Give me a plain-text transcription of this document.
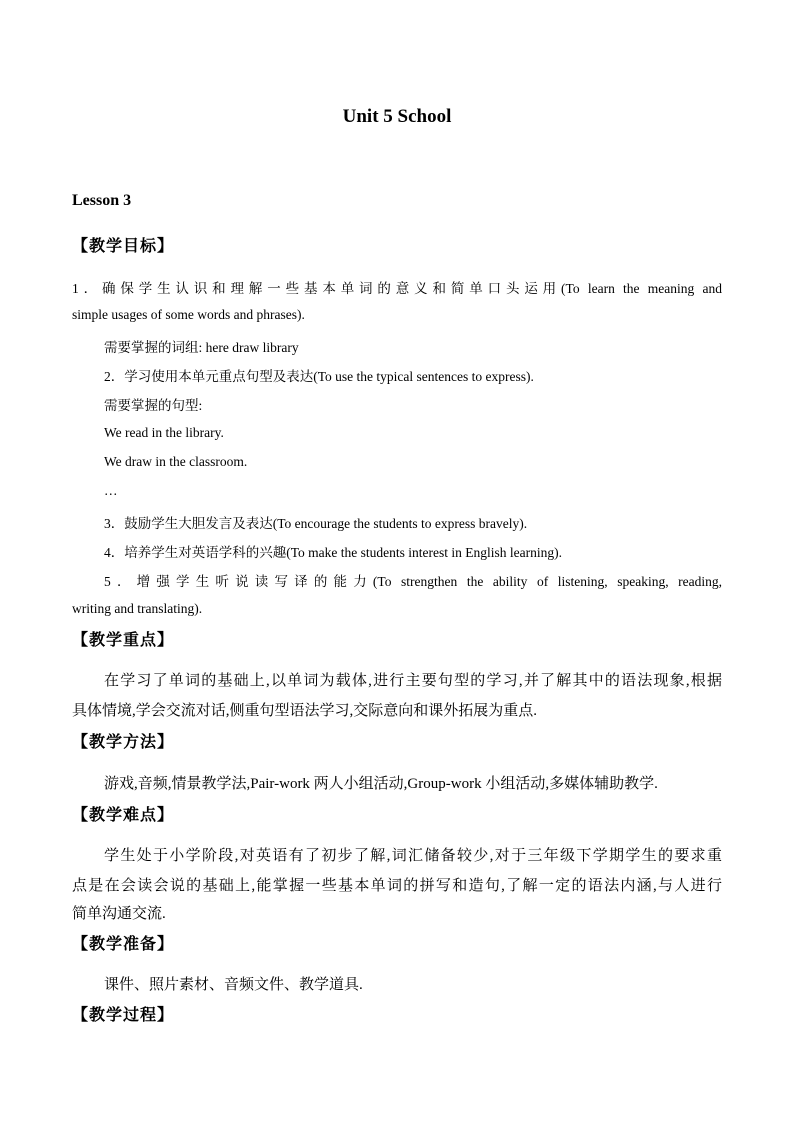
Unit 5 School
Lesson 3
【教学目标】
1．确保学生认识和理解一些基本单词的意义和简单口头运用(To learn the meaning and
simple usages of some words and phrases).
需要掌握的词组: here draw library
2．学习使用本单元重点句型及表达(To use the typical sentences to express).
需要掌握的句型:
We read in the library.
We draw in the classroom.
…
3．鼓励学生大胆发言及表达(To encourage the students to express bravely).
4．培养学生对英语学科的兴趣(To make the students interest in English learning).
5．增强学生听说读写译的能力(To strengthen the ability of listening, speaking, reading,
writing and translating).
【教学重点】
在学习了单词的基础上,以单词为载体,进行主要句型的学习,并了解其中的语法现象,根据
具体情境,学会交流对话,侧重句型语法学习,交际意向和课外拓展为重点.
【教学方法】
游戏,音频,情景教学法,Pair-work 两人小组活动,Group-work 小组活动,多媒体辅助教学.
【教学难点】
学生处于小学阶段,对英语有了初步了解,词汇储备较少,对于三年级下学期学生的要求重
点是在会读会说的基础上,能掌握一些基本单词的拼写和造句,了解一定的语法内涵,与人进行
简单沟通交流.
【教学准备】
课件、照片素材、音频文件、教学道具.
【教学过程】
